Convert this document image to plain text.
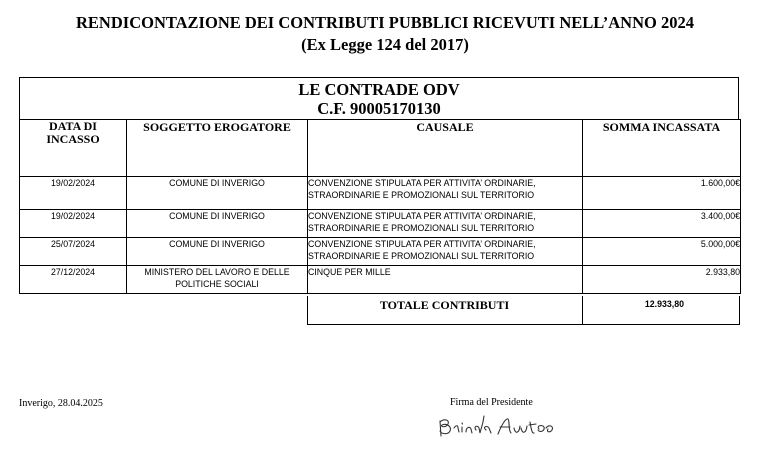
RENDICONTAZIONE DEI CONTRIBUTI PUBBLICI RICEVUTI NELL’ANNO 2024
(Ex Legge 124 del 2017)
LE CONTRADE ODV
C.F. 90005170130
DATA DI
INCASSO	SOGGETTO EROGATORE	CAUSALE	SOMMA INCASSATA
19/02/2024	COMUNE DI INVERIGO	CONVENZIONE STIPULATA PER ATTIVITA’ ORDINARIE,
STRAORDINARIE E PROMOZIONALI SUL TERRITORIO	1.600,00€
19/02/2024	COMUNE DI INVERIGO	CONVENZIONE STIPULATA PER ATTIVITA’ ORDINARIE,
STRAORDINARIE E PROMOZIONALI SUL TERRITORIO	3.400,00€
25/07/2024	COMUNE DI INVERIGO	CONVENZIONE STIPULATA PER ATTIVITA’ ORDINARIE,
STRAORDINARIE E PROMOZIONALI SUL TERRITORIO	5.000,00€
27/12/2024	MINISTERO DEL LAVORO E DELLE
POLITICHE SOCIALI	CINQUE PER MILLE	2.933,80
TOTALE CONTRIBUTI	12.933,80
Inverigo, 28.04.2025	Firma del Presidente
